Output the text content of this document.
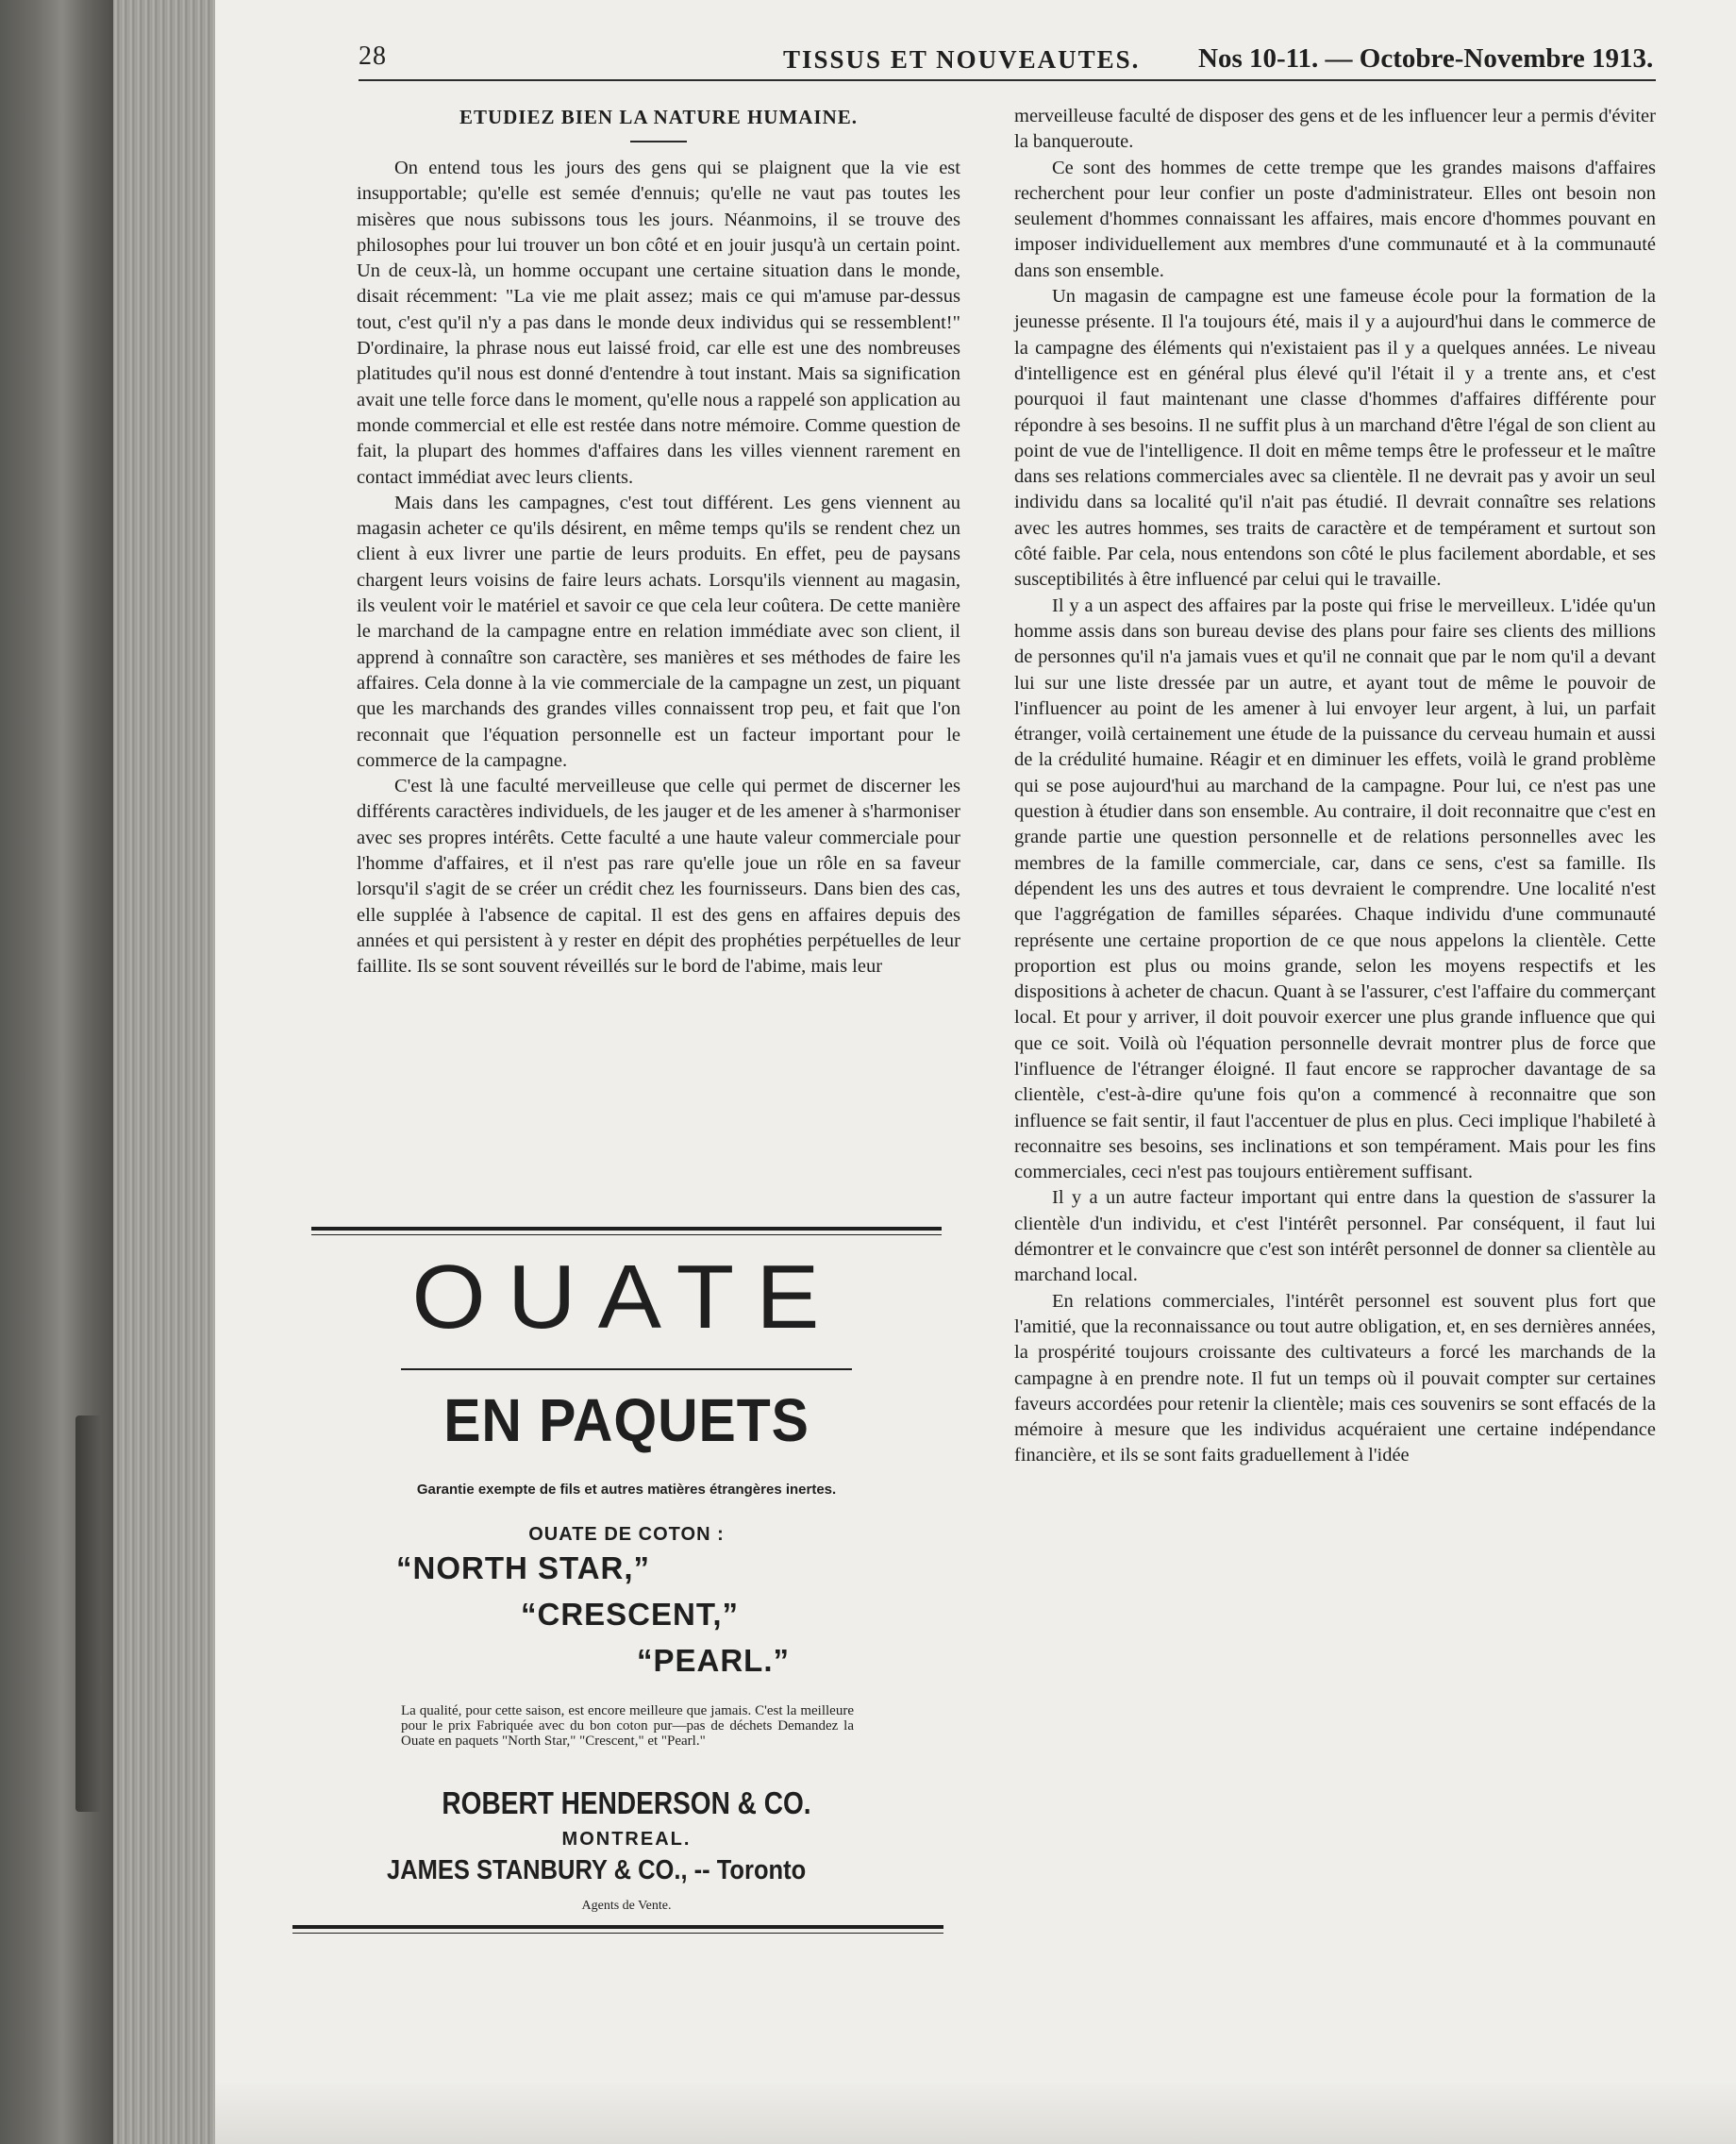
28	TISSUS ET NOUVEAUTES. Nos 10-11. — Octobre-Novembre 1913.
ETUDIEZ BIEN LA NATURE HUMAINE.

On entend tous les jours des gens qui se plaignent que la vie est insupportable; qu'elle est semée d'ennuis; qu'elle ne vaut pas toutes les misères que nous subissons tous les jours. Néanmoins, il se trouve des philosophes pour lui trouver un bon côté et en jouir jusqu'à un certain point. Un de ceux-là, un homme occupant une certaine situation dans le monde, disait récemment: "La vie me plait assez; mais ce qui m'amuse par-dessus tout, c'est qu'il n'y a pas dans le monde deux individus qui se ressemblent!" D'ordinaire, la phrase nous eut laissé froid, car elle est une des nombreuses platitudes qu'il nous est donné d'entendre à tout instant. Mais sa signification avait une telle force dans le moment, qu'elle nous a rappelé son application au monde commercial et elle est restée dans notre mémoire. Comme question de fait, la plupart des hommes d'affaires dans les villes viennent rarement en contact immédiat avec leurs clients.

Mais dans les campagnes, c'est tout différent. Les gens viennent au magasin acheter ce qu'ils désirent, en même temps qu'ils se rendent chez un client à eux livrer une partie de leurs produits. En effet, peu de paysans chargent leurs voisins de faire leurs achats. Lorsqu'ils viennent au magasin, ils veulent voir le matériel et savoir ce que cela leur coûtera. De cette manière le marchand de la campagne entre en relation immédiate avec son client, il apprend à connaître son caractère, ses manières et ses méthodes de faire les affaires. Cela donne à la vie commerciale de la campagne un zest, un piquant que les marchands des grandes villes connaissent trop peu, et fait que l'on reconnait que l'équation personnelle est un facteur important pour le commerce de la campagne.

C'est là une faculté merveilleuse que celle qui permet de discerner les différents caractères individuels, de les jauger et de les amener à s'harmoniser avec ses propres intérêts. Cette faculté a une haute valeur commerciale pour l'homme d'affaires, et il n'est pas rare qu'elle joue un rôle en sa faveur lorsqu'il s'agit de se créer un crédit chez les fournisseurs. Dans bien des cas, elle supplée à l'absence de capital. Il est des gens en affaires depuis des années et qui persistent à y rester en dépit des prophéties perpétuelles de leur faillite. Ils se sont souvent réveillés sur le bord de l'abime, mais leur

OUATE
EN PAQUETS
Garantie exempte de fils et autres matières étrangères inertes.
OUATE DE COTON :
“NORTH STAR,”
“CRESCENT,”
“PEARL.”
La qualité, pour cette saison, est encore meilleure que jamais. C'est la meilleure pour le prix Fabriquée avec du bon coton pur—pas de déchets Demandez la Ouate en paquets "North Star," "Crescent," et "Pearl."
ROBERT HENDERSON & CO.
MONTREAL.
JAMES STANBURY & CO., -- Toronto
Agents de Vente.

merveilleuse faculté de disposer des gens et de les influencer leur a permis d'éviter la banqueroute.

Ce sont des hommes de cette trempe que les grandes maisons d'affaires recherchent pour leur confier un poste d'administrateur. Elles ont besoin non seulement d'hommes connaissant les affaires, mais encore d'hommes pouvant en imposer individuellement aux membres d'une communauté et à la communauté dans son ensemble.

Un magasin de campagne est une fameuse école pour la formation de la jeunesse présente. Il l'a toujours été, mais il y a aujourd'hui dans le commerce de la campagne des éléments qui n'existaient pas il y a quelques années. Le niveau d'intelligence est en général plus élevé qu'il l'était il y a trente ans, et c'est pourquoi il faut maintenant une classe d'hommes d'affaires différente pour répondre à ses besoins. Il ne suffit plus à un marchand d'être l'égal de son client au point de vue de l'intelligence. Il doit en même temps être le professeur et le maître dans ses relations commerciales avec sa clientèle. Il ne devrait pas y avoir un seul individu dans sa localité qu'il n'ait pas étudié. Il devrait connaître ses relations avec les autres hommes, ses traits de caractère et de tempérament et surtout son côté faible. Par cela, nous entendons son côté le plus facilement abordable, et ses susceptibilités à être influencé par celui qui le travaille.

Il y a un aspect des affaires par la poste qui frise le merveilleux. L'idée qu'un homme assis dans son bureau devise des plans pour faire ses clients des millions de personnes qu'il n'a jamais vues et qu'il ne connait que par le nom qu'il a devant lui sur une liste dressée par un autre, et ayant tout de même le pouvoir de l'influencer au point de les amener à lui envoyer leur argent, à lui, un parfait étranger, voilà certainement une étude de la puissance du cerveau humain et aussi de la crédulité humaine. Réagir et en diminuer les effets, voilà le grand problème qui se pose aujourd'hui au marchand de la campagne. Pour lui, ce n'est pas une question à étudier dans son ensemble. Au contraire, il doit reconnaitre que c'est en grande partie une question personnelle et de relations personnelles avec les membres de la famille commerciale, car, dans ce sens, c'est sa famille. Ils dépendent les uns des autres et tous devraient le comprendre. Une localité n'est que l'aggrégation de familles séparées. Chaque individu d'une communauté représente une certaine proportion de ce que nous appelons la clientèle. Cette proportion est plus ou moins grande, selon les moyens respectifs et les dispositions à acheter de chacun. Quant à se l'assurer, c'est l'affaire du commerçant local. Et pour y arriver, il doit pouvoir exercer une plus grande influence que qui que ce soit. Voilà où l'équation personnelle devrait montrer plus de force que l'influence de l'étranger éloigné. Il faut encore se rapprocher davantage de sa clientèle, c'est-à-dire qu'une fois qu'on a commencé à reconnaitre que son influence se fait sentir, il faut l'accentuer de plus en plus. Ceci implique l'habileté à reconnaitre ses besoins, ses inclinations et son tempérament. Mais pour les fins commerciales, ceci n'est pas toujours entièrement suffisant.

Il y a un autre facteur important qui entre dans la question de s'assurer la clientèle d'un individu, et c'est l'intérêt personnel. Par conséquent, il faut lui démontrer et le convaincre que c'est son intérêt personnel de donner sa clientèle au marchand local.

En relations commerciales, l'intérêt personnel est souvent plus fort que l'amitié, que la reconnaissance ou tout autre obligation, et, en ses dernières années, la prospérité toujours croissante des cultivateurs a forcé les marchands de la campagne à en prendre note. Il fut un temps où il pouvait compter sur certaines faveurs accordées pour retenir la clientèle; mais ces souvenirs se sont effacés de la mémoire à mesure que les individus acquéraient une certaine indépendance financière, et ils se sont faits graduellement à l'idée
